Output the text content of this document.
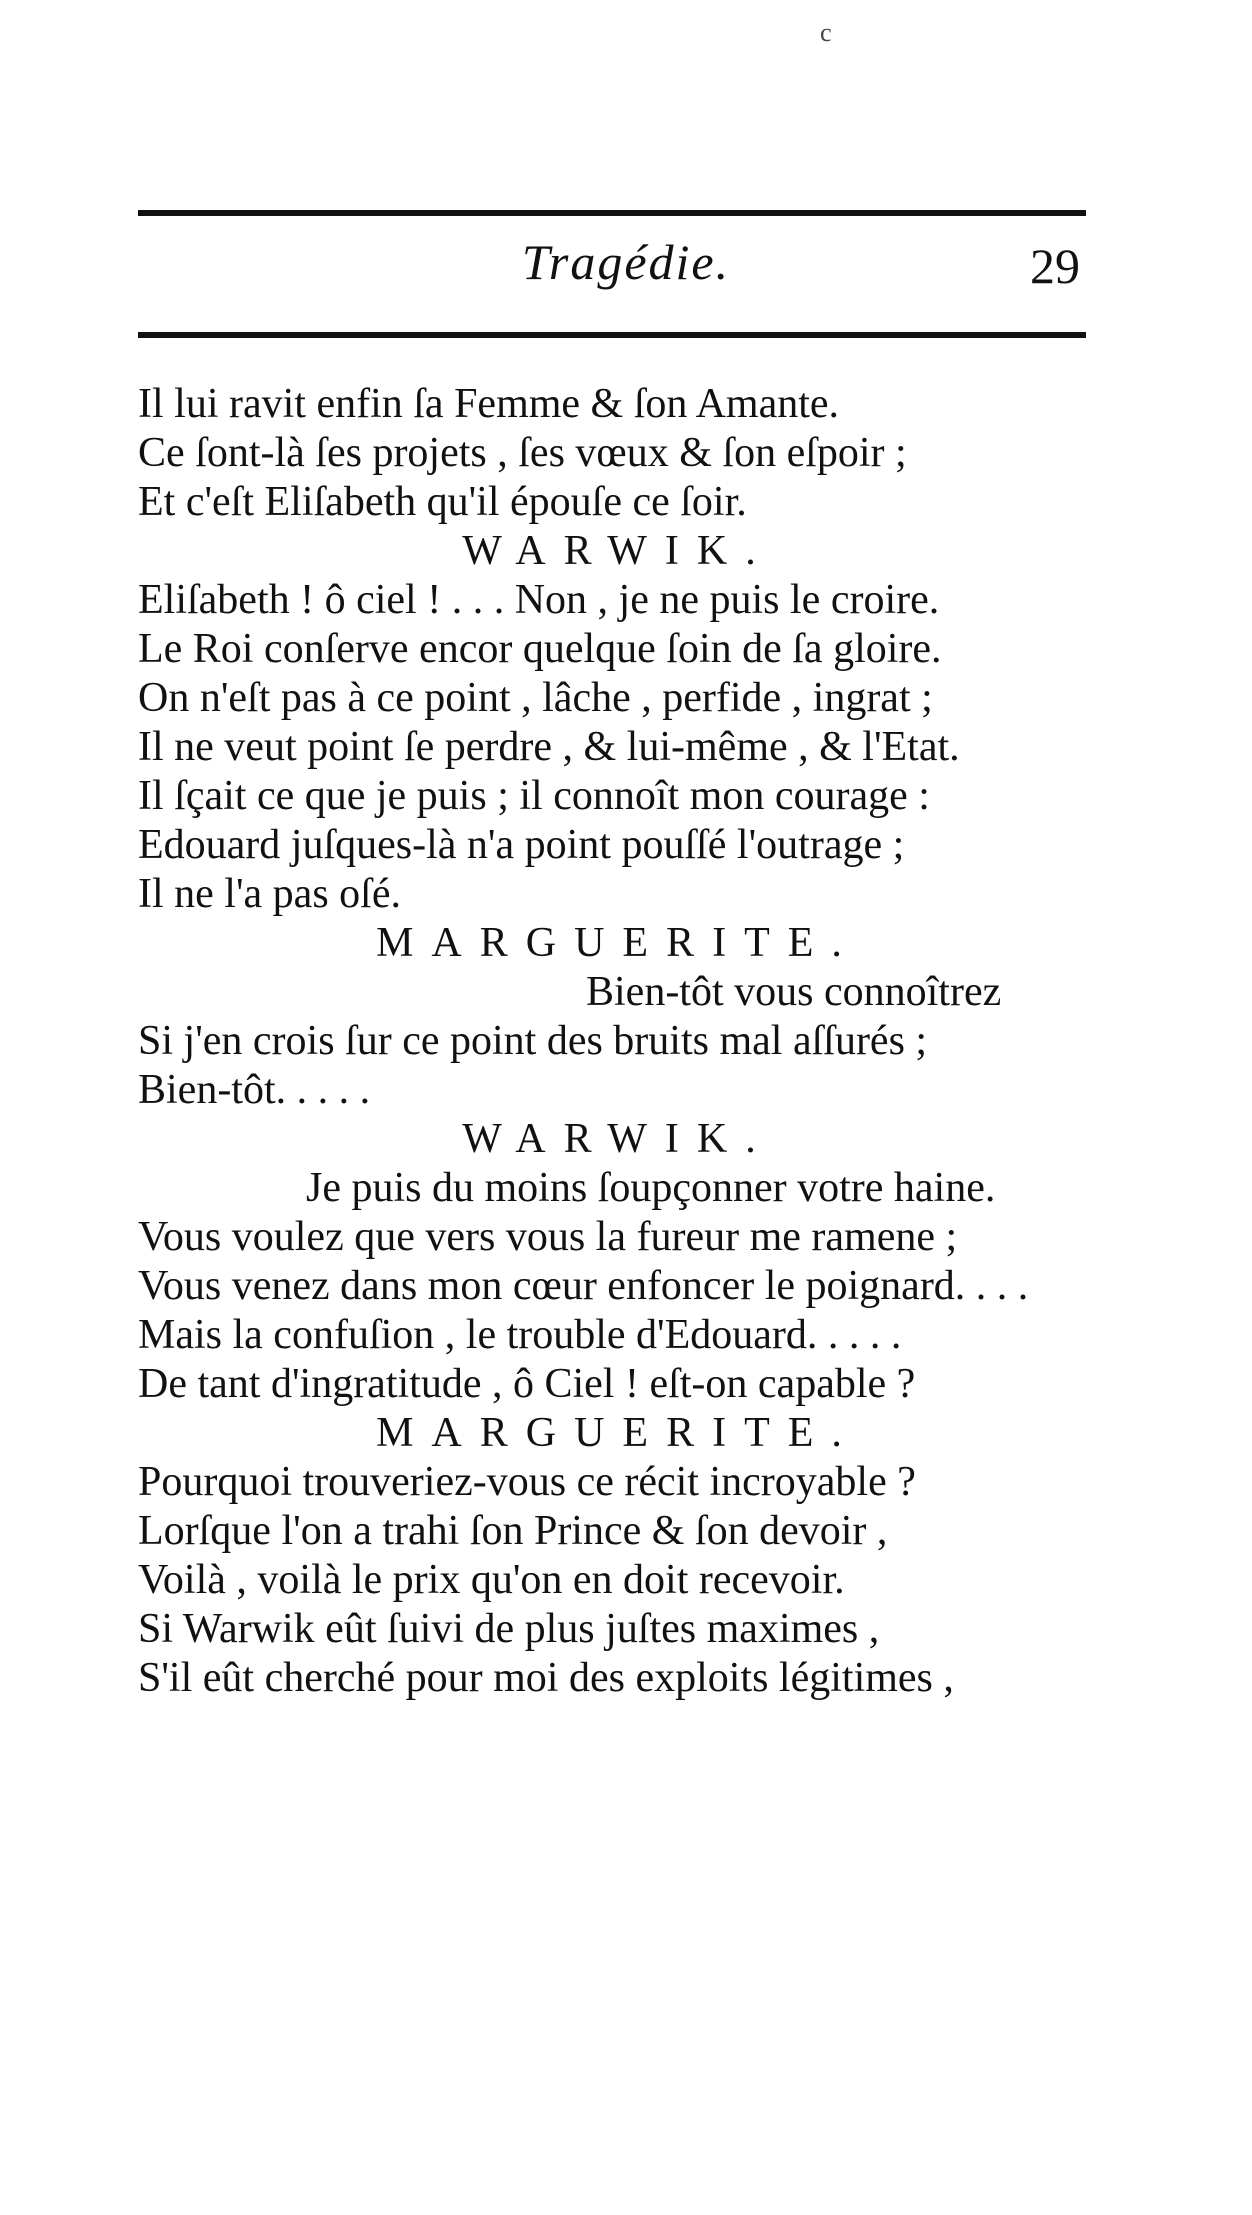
c
Tragédie.	29
Il lui ravit enfin ſa Femme & ſon Amante.
Ce ſont-là ſes projets , ſes vœux & ſon eſpoir ;
Et c'eſt Eliſabeth qu'il épouſe ce ſoir.
WARWIK.
Eliſabeth ! ô ciel ! . . . Non , je ne puis le croire.
Le Roi conſerve encor quelque ſoin de ſa gloire.
On n'eſt pas à ce point , lâche , perfide , ingrat ;
Il ne veut point ſe perdre , & lui-même , & l'Etat.
Il ſçait ce que je puis ; il connoît mon courage :
Edouard juſques-là n'a point pouſſé l'outrage ;
Il ne l'a pas oſé.
MARGUERITE.
Bien-tôt vous connoîtrez
Si j'en crois ſur ce point des bruits mal aſſurés ;
Bien-tôt. . . . .
WARWIK.
Je puis du moins ſoupçonner votre haine.
Vous voulez que vers vous la fureur me ramene ;
Vous venez dans mon cœur enfoncer le poignard. . . .
Mais la confuſion , le trouble d'Edouard. . . . .
De tant d'ingratitude , ô Ciel ! eſt-on capable ?
MARGUERITE.
Pourquoi trouveriez-vous ce récit incroyable ?
Lorſque l'on a trahi ſon Prince & ſon devoir ,
Voilà , voilà le prix qu'on en doit recevoir.
Si Warwik eût ſuivi de plus juſtes maximes ,
S'il eût cherché pour moi des exploits légitimes ,
